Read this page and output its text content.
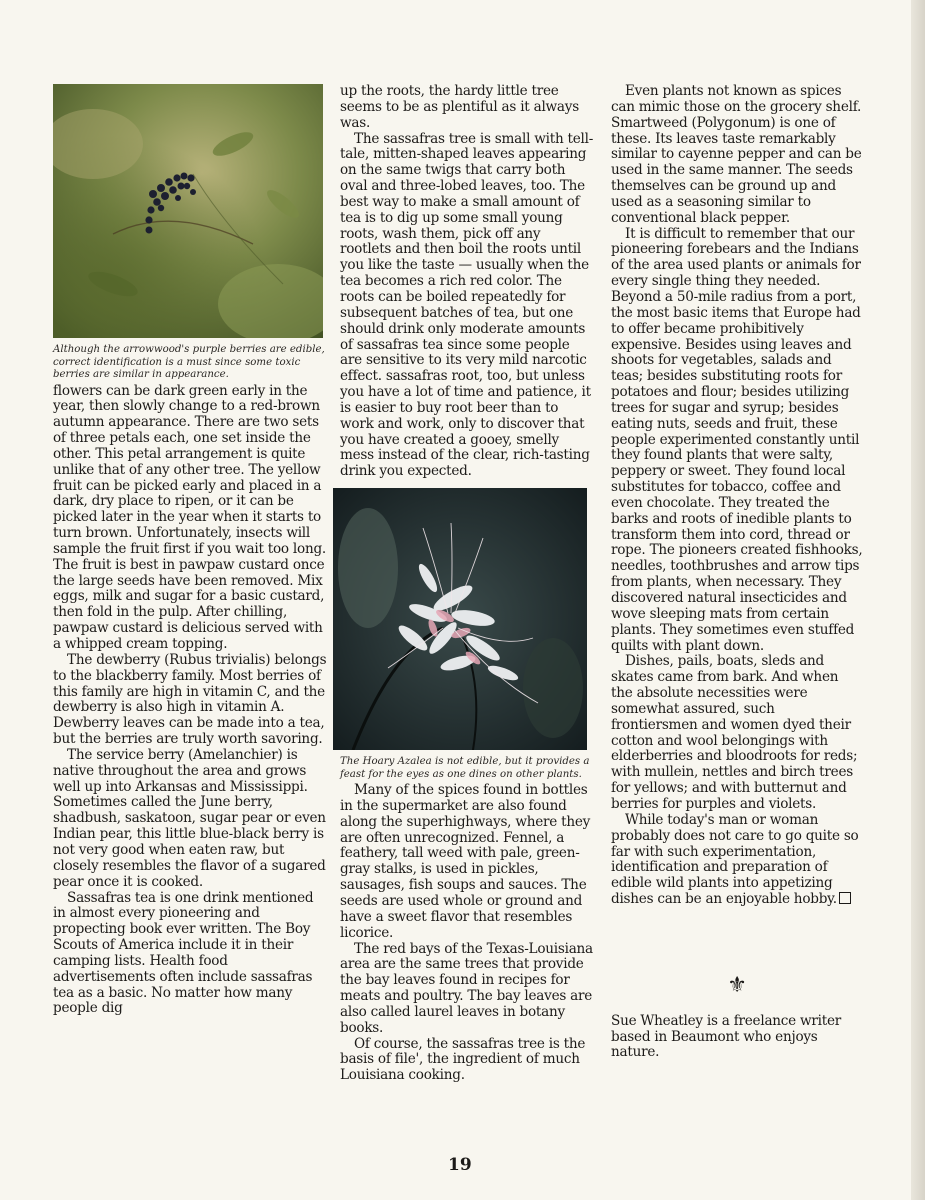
Although the arrowwood's purple berries are edible, correct identification is a must since some toxic berries are similar in appearance.

flowers can be dark green early in the year, then slowly change to a red-brown autumn appearance. There are two sets of three petals each, one set inside the other. This petal arrangement is quite unlike that of any other tree. The yellow fruit can be picked early and placed in a dark, dry place to ripen, or it can be picked later in the year when it starts to turn brown. Unfortunately, insects will sample the fruit first if you wait too long. The fruit is best in pawpaw custard once the large seeds have been removed. Mix eggs, milk and sugar for a basic custard, then fold in the pulp. After chilling, pawpaw custard is delicious served with a whipped cream topping.

The dewberry (Rubus trivialis) belongs to the blackberry family. Most berries of this family are high in vitamin C, and the dewberry is also high in vitamin A. Dewberry leaves can be made into a tea, but the berries are truly worth savoring.

The service berry (Amelanchier) is native throughout the area and grows well up into Arkansas and Mississippi. Sometimes called the June berry, shadbush, saskatoon, sugar pear or even Indian pear, this little blue-black berry is not very good when eaten raw, but closely resembles the flavor of a sugared pear once it is cooked.

Sassafras tea is one drink mentioned in almost every pioneering and propecting book ever written. The Boy Scouts of America include it in their camping lists. Health food advertisements often include sassafras tea as a basic. No matter how many people dig

up the roots, the hardy little tree seems to be as plentiful as it always was.

The sassafras tree is small with tell-tale, mitten-shaped leaves appearing on the same twigs that carry both oval and three-lobed leaves, too. The best way to make a small amount of tea is to dig up some small young roots, wash them, pick off any rootlets and then boil the roots until you like the taste — usually when the tea becomes a rich red color. The roots can be boiled repeatedly for subsequent batches of tea, but one should drink only moderate amounts of sassafras tea since some people are sensitive to its very mild narcotic effect. sassafras root, too, but unless you have a lot of time and patience, it is easier to buy root beer than to work and work, only to discover that you have created a gooey, smelly mess instead of the clear, rich-tasting drink you expected.

The Hoary Azalea is not edible, but it provides a feast for the eyes as one dines on other plants.

Many of the spices found in bottles in the supermarket are also found along the superhighways, where they are often unrecognized. Fennel, a feathery, tall weed with pale, green-gray stalks, is used in pickles, sausages, fish soups and sauces. The seeds are used whole or ground and have a sweet flavor that resembles licorice.

The red bays of the Texas-Louisiana area are the same trees that provide the bay leaves found in recipes for meats and poultry. The bay leaves are also called laurel leaves in botany books.

Of course, the sassafras tree is the basis of file', the ingredient of much Louisiana cooking.

Even plants not known as spices can mimic those on the grocery shelf. Smartweed (Polygonum) is one of these. Its leaves taste remarkably similar to cayenne pepper and can be used in the same manner. The seeds themselves can be ground up and used as a seasoning similar to conventional black pepper.

It is difficult to remember that our pioneering forebears and the Indians of the area used plants or animals for every single thing they needed. Beyond a 50-mile radius from a port, the most basic items that Europe had to offer became prohibitively expensive. Besides using leaves and shoots for vegetables, salads and teas; besides substituting roots for potatoes and flour; besides utilizing trees for sugar and syrup; besides eating nuts, seeds and fruit, these people experimented constantly until they found plants that were salty, peppery or sweet. They found local substitutes for tobacco, coffee and even chocolate. They treated the barks and roots of inedible plants to transform them into cord, thread or rope. The pioneers created fishhooks, needles, toothbrushes and arrow tips from plants, when necessary. They discovered natural insecticides and wove sleeping mats from certain plants. They sometimes even stuffed quilts with plant down.

Dishes, pails, boats, sleds and skates came from bark. And when the absolute necessities were somewhat assured, such frontiersmen and women dyed their cotton and wool belongings with elderberries and bloodroots for reds; with mullein, nettles and birch trees for yellows; and with butternut and berries for purples and violets.

While today's man or woman probably does not care to go quite so far with such experimentation, identification and preparation of edible wild plants into appetizing dishes can be an enjoyable hobby.

⚜

Sue Wheatley is a freelance writer based in Beaumont who enjoys nature.

19
